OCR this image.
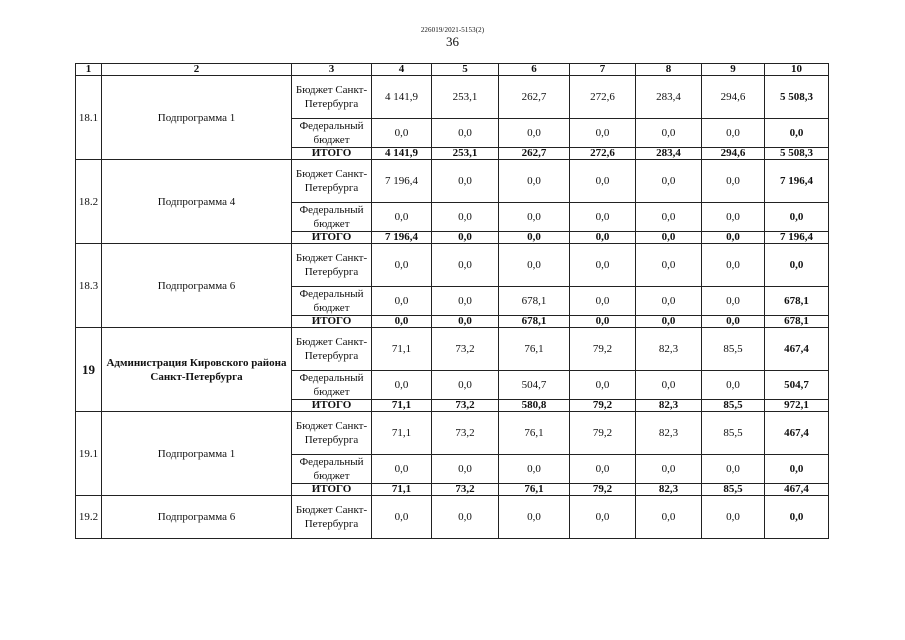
226019/2021-5153(2)
36
1	2	3	4	5	6	7	8	9	10
18.1	Подпрограмма 1	Бюджет Санкт-Петербурга	4 141,9	253,1	262,7	272,6	283,4	294,6	5 508,3
		Федеральный бюджет	0,0	0,0	0,0	0,0	0,0	0,0	0,0
		ИТОГО	4 141,9	253,1	262,7	272,6	283,4	294,6	5 508,3
18.2	Подпрограмма 4	Бюджет Санкт-Петербурга	7 196,4	0,0	0,0	0,0	0,0	0,0	7 196,4
		Федеральный бюджет	0,0	0,0	0,0	0,0	0,0	0,0	0,0
		ИТОГО	7 196,4	0,0	0,0	0,0	0,0	0,0	7 196,4
18.3	Подпрограмма 6	Бюджет Санкт-Петербурга	0,0	0,0	0,0	0,0	0,0	0,0	0,0
		Федеральный бюджет	0,0	0,0	678,1	0,0	0,0	0,0	678,1
		ИТОГО	0,0	0,0	678,1	0,0	0,0	0,0	678,1
19	Администрация Кировского района Санкт-Петербурга	Бюджет Санкт-Петербурга	71,1	73,2	76,1	79,2	82,3	85,5	467,4
		Федеральный бюджет	0,0	0,0	504,7	0,0	0,0	0,0	504,7
		ИТОГО	71,1	73,2	580,8	79,2	82,3	85,5	972,1
19.1	Подпрограмма 1	Бюджет Санкт-Петербурга	71,1	73,2	76,1	79,2	82,3	85,5	467,4
		Федеральный бюджет	0,0	0,0	0,0	0,0	0,0	0,0	0,0
		ИТОГО	71,1	73,2	76,1	79,2	82,3	85,5	467,4
19.2	Подпрограмма 6	Бюджет Санкт-Петербурга	0,0	0,0	0,0	0,0	0,0	0,0	0,0
